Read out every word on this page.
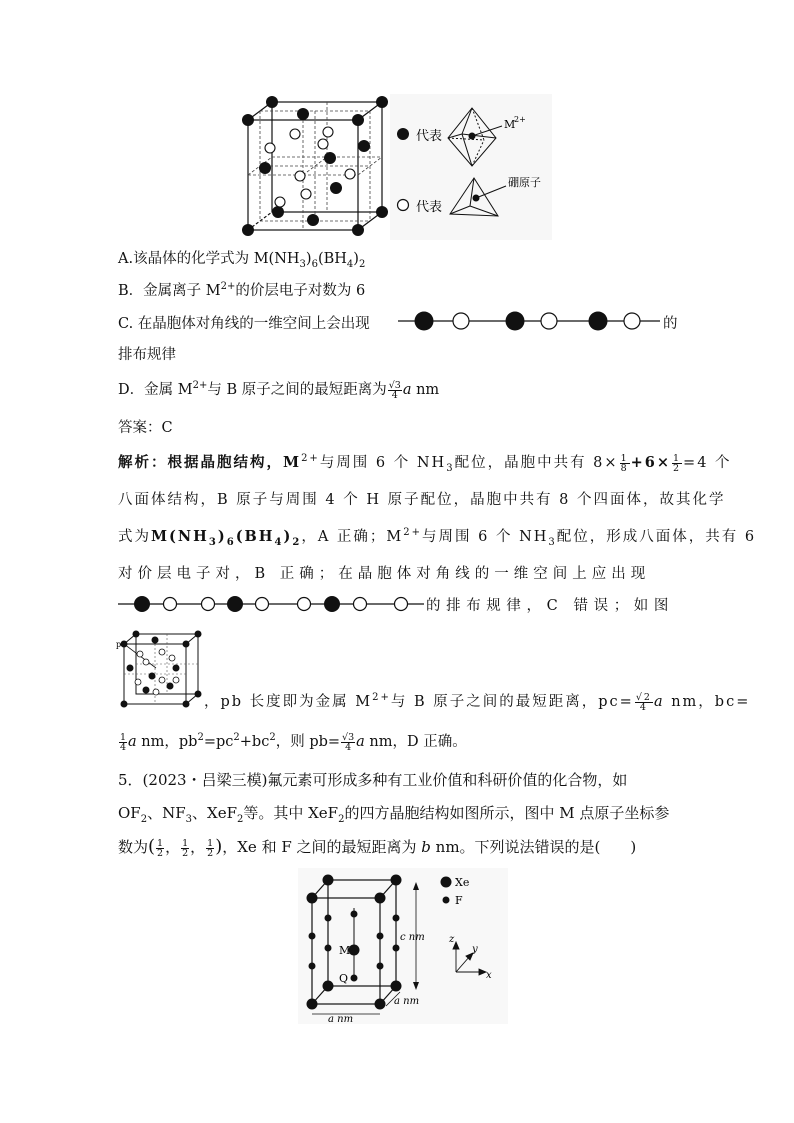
代表
代表
M
2+
硼原子
A.该晶体的化学式为 $M(NH_3)_6(BH_4)_2$
B．金属离子 $M^{2+}$的价层电子对数为 6
C. 在晶胞体对角线的一维空间上会出现	的
排布规律
D．金属 $M^{2+}$与 B 原子之间的最短距离为 $\frac{√3}{4}$ a nm
答案：C
解析：根据晶胞结构，$M^{2+}$与周围 6 个 $NH_3$配位，晶胞中共有 $8\times \frac{1}{8} +6\times \frac{1}{2} =4$ 个
八面体结构，B 原子与周围 4 个 H 原子配位，晶胞中共有 8 个四面体，故其化学
式为$M(NH_3)_6(BH_4)_2$，A 正确；$M^{2+}$与周围 6 个 $NH_3$配位，形成八面体，共有 6
对价层电子对，B 正确；在晶胞体对角线的一维空间上应出现
的排布规律，C 错误；如图
p
，pb 长度即为金属 $M^{2+}$与 B 原子之间的最短距离，$pc= \frac{√2}{4}$ a nm，bc=
$\frac{1}{4}$ a nm，$pb^2=pc^2+bc^2$，则 $pb= \frac{√3}{4}$ a nm，D 正确。
5．(2023・吕梁三模)氟元素可形成多种有工业价值和科研价值的化合物，如
$OF_2$、$NF_3$、XeF$_2$等。其中 XeF$_2$的四方晶胞结构如图所示，图中 M 点原子坐标参
数为( $\frac{1}{2}$ ， $\frac{1}{2}$ ， $\frac{1}{2}$ )，Xe 和 F 之间的最短距离为 b nm。下列说法错误的是(　　)
M
Q
c nm
a nm
a nm
Xe
F
z
y
x
